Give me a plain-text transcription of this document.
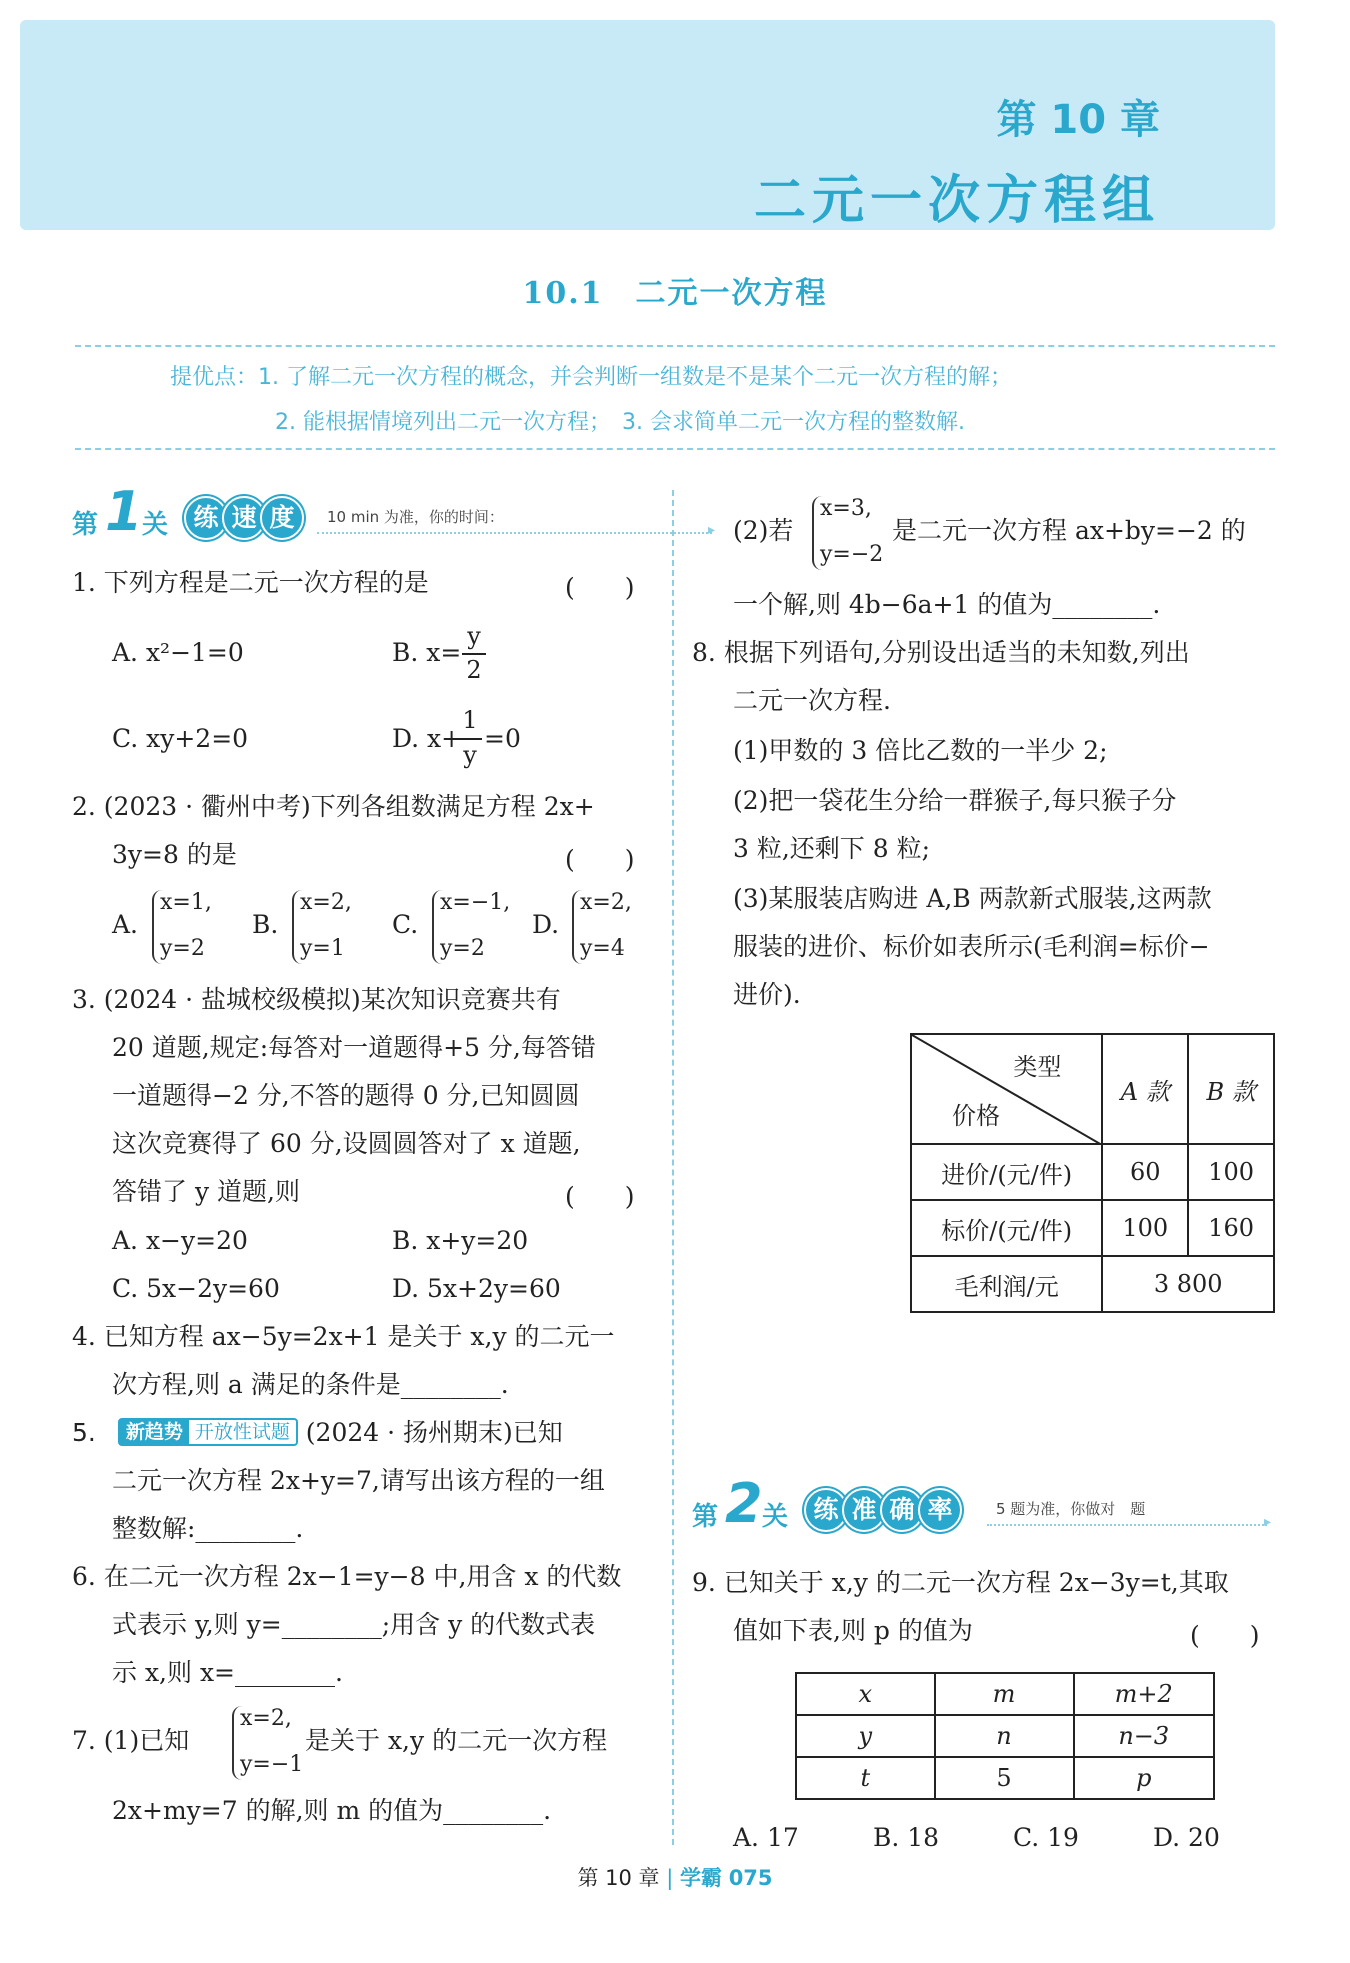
第 10 章
二元一次方程组
10.1　二元一次方程
提优点：1. 了解二元一次方程的概念，并会判断一组数是不是某个二元一次方程的解；
2. 能根据情境列出二元一次方程；　3. 会求简单二元一次方程的整数解.
第 1 关	练 速 度	10 min 为准，你的时间：
▸
1. 下列方程是二元一次方程的是	(　　)
A. x²−1=0	B. x=
y
2
C. xy+2=0	D. x+
1
y
=0
2. (2023 · 衢州中考)下列各组数满足方程 2x+
3y=8 的是	(　　)
A.
x=1,
y=2
B.
x=2,
y=1
C.
x=−1,
y=2
D.
x=2,
y=4
3. (2024 · 盐城校级模拟)某次知识竞赛共有
20 道题,规定:每答对一道题得+5 分,每答错
一道题得−2 分,不答的题得 0 分,已知圆圆
这次竞赛得了 60 分,设圆圆答对了 x 道题,
答错了 y 道题,则	(　　)
A. x−y=20	B. x+y=20
C. 5x−2y=60	D. 5x+2y=60
4. 已知方程 ax−5y=2x+1 是关于 x,y 的二元一
次方程,则 a 满足的条件是________.
5. 新趋势 开放性试题 (2024 · 扬州期末)已知
二元一次方程 2x+y=7,请写出该方程的一组
整数解:________.
6. 在二元一次方程 2x−1=y−8 中,用含 x 的代数
式表示 y,则 y=________;用含 y 的代数式表
示 x,则 x=________.
7. (1)已知
x=2,
y=−1
是关于 x,y 的二元一次方程
2x+my=7 的解,则 m 的值为________.
(2)若
x=3,
y=−2
是二元一次方程 ax+by=−2 的
一个解,则 4b−6a+1 的值为________.
8. 根据下列语句,分别设出适当的未知数,列出
二元一次方程.
(1)甲数的 3 倍比乙数的一半少 2;
(2)把一袋花生分给一群猴子,每只猴子分
3 粒,还剩下 8 粒;
(3)某服装店购进 A,B 两款新式服装,这两款
服装的进价、标价如表所示(毛利润=标价−
进价).
类型
价格	A 款	B 款
进价/(元/件)	60	100
标价/(元/件)	100	160
毛利润/元	3 800	
第 2 关	练 准 确 率	5 题为准，你做对　题
▸
9. 已知关于 x,y 的二元一次方程 2x−3y=t,其取
值如下表,则 p 的值为	(　　)
x	m	m+2
y	n	n−3
t	5	p
A. 17	B. 18	C. 19	D. 20
第 10 章 | 学霸 075
